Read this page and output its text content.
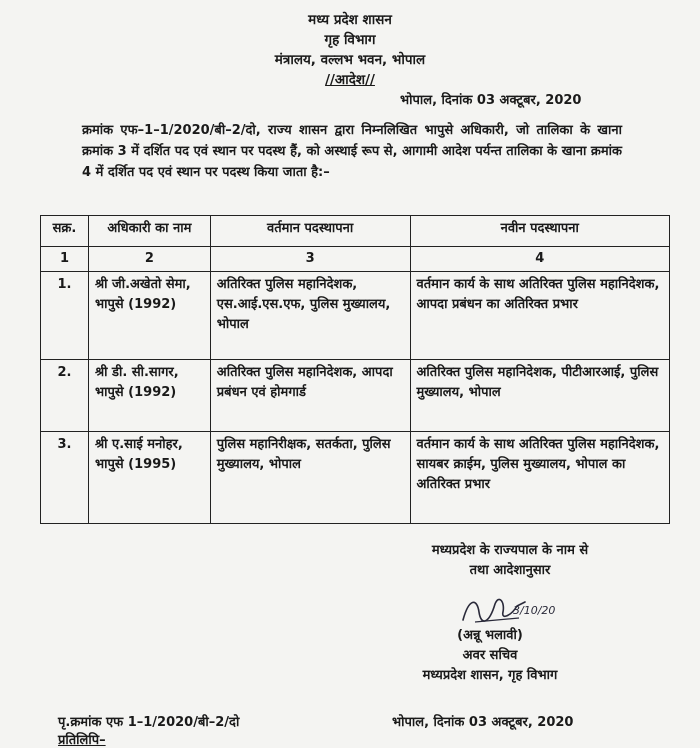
मध्य प्रदेश शासन
गृह विभाग
मंत्रालय, वल्लभ भवन, भोपाल
//आदेश//
भोपाल, दिनांक 03 अक्टूबर, 2020
क्रमांक एफ–1–1/2020/बी–2/दो, राज्य शासन द्वारा निम्नलिखित भापुसे अधिकारी, जो तालिका के खाना क्रमांक 3 में दर्शित पद एवं स्थान पर पदस्थ हैं, को अस्थाई रूप से, आगामी आदेश पर्यन्त तालिका के खाना क्रमांक 4 में दर्शित पद एवं स्थान पर पदस्थ किया जाता है:–
सक्र.	अधिकारी का नाम	वर्तमान पदस्थापना	नवीन पदस्थापना
1	2	3	4
1.	श्री जी.अखेतो सेमा, भापुसे (1992)	अतिरिक्त पुलिस महानिदेशक, एस.आई.एस.एफ, पुलिस मुख्यालय, भोपाल	वर्तमान कार्य के साथ अतिरिक्त पुलिस महानिदेशक, आपदा प्रबंधन का अतिरिक्त प्रभार
2.	श्री डी. सी.सागर, भापुसे (1992)	अतिरिक्त पुलिस महानिदेशक, आपदा प्रबंधन एवं होमगार्ड	अतिरिक्त पुलिस महानिदेशक, पीटीआरआई, पुलिस मुख्यालय, भोपाल
3.	श्री ए.साई मनोहर, भापुसे (1995)	पुलिस महानिरीक्षक, सतर्कता, पुलिस मुख्यालय, भोपाल	वर्तमान कार्य के साथ अतिरिक्त पुलिस महानिदेशक, सायबर क्राईम, पुलिस मुख्यालय, भोपाल का अतिरिक्त प्रभार
मध्यप्रदेश के राज्यपाल के नाम से
तथा आदेशानुसार
3/10/20
(अन्नू भलावी)
अवर सचिव
मध्यप्रदेश शासन, गृह विभाग
पृ.क्रमांक एफ 1–1/2020/बी–2/दो	भोपाल, दिनांक 03 अक्टूबर, 2020
प्रतिलिपि–
